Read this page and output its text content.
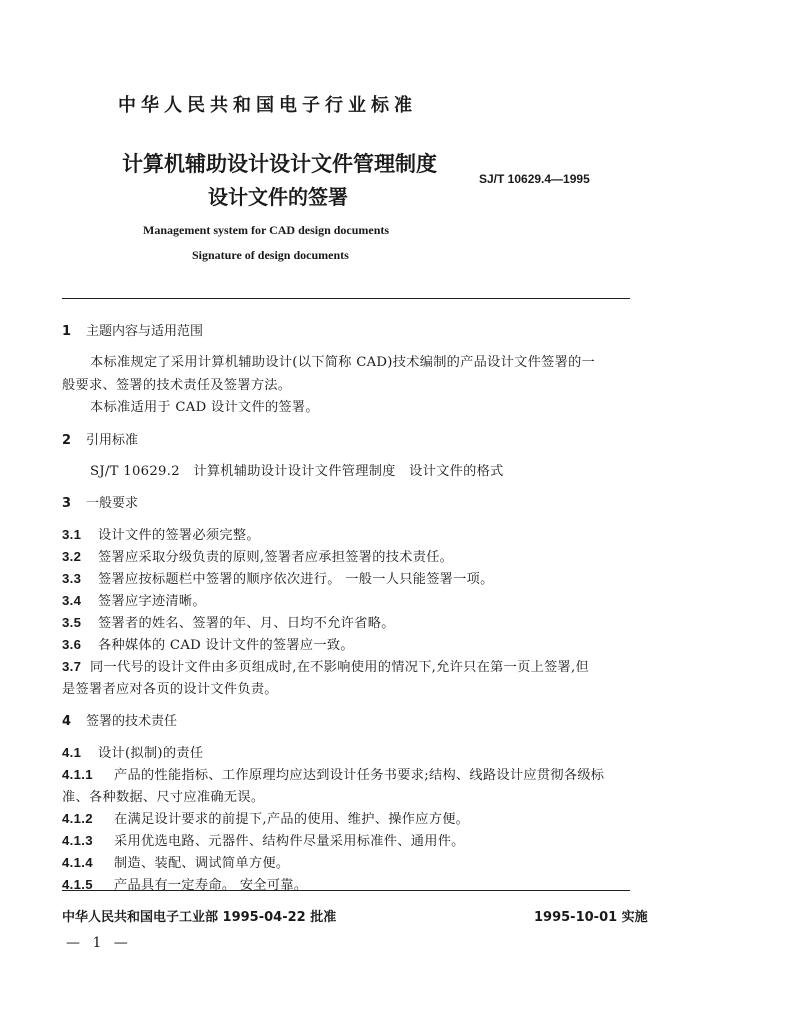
中华人民共和国电子行业标准
计算机辅助设计设计文件管理制度
设计文件的签署
SJ/T 10629.4—1995
Management system for CAD design documents
Signature of design documents
1 主题内容与适用范围
本标准规定了采用计算机辅助设计(以下简称 CAD)技术编制的产品设计文件签署的一
般要求、签署的技术责任及签署方法。
本标准适用于 CAD 设计文件的签署。
2 引用标准
SJ/T 10629.2   计算机辅助设计设计文件管理制度   设计文件的格式
3 一般要求
3.1 设计文件的签署必须完整。
3.2 签署应采取分级负责的原则,签署者应承担签署的技术责任。
3.3 签署应按标题栏中签署的顺序依次进行。 一般一人只能签署一项。
3.4 签署应字迹清晰。
3.5 签署者的姓名、签署的年、月、日均不允许省略。
3.6 各种媒体的 CAD 设计文件的签署应一致。
3.7 同一代号的设计文件由多页组成时,在不影响使用的情况下,允许只在第一页上签署,但
是签署者应对各页的设计文件负责。
4 签署的技术责任
4.1 设计(拟制)的责任
4.1.1 产品的性能指标、工作原理均应达到设计任务书要求;结构、线路设计应贯彻各级标
准、各种数据、尺寸应准确无误。
4.1.2 在满足设计要求的前提下,产品的使用、维护、操作应方便。
4.1.3 采用优选电路、元器件、结构件尽量采用标准件、通用件。
4.1.4 制造、装配、调试简单方便。
4.1.5 产品具有一定寿命。 安全可靠。
中华人民共和国电子工业部 1995-04-22 批准	1995-10-01 实施
— 1 —
